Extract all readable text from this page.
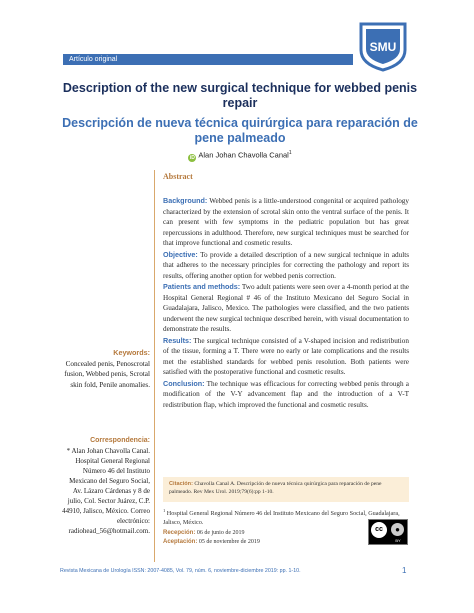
Artículo original
SMU
Description of the new surgical technique for webbed penis repair
Descripción de nueva técnica quirúrgica para reparación de pene palmeado
iD Alan Johan Chavolla Canal$^1$
Abstract

Background: Webbed penis is a little-understood congenital or acquired pathology characterized by the extension of scrotal skin onto the ventral surface of the penis. It can present with few symptoms in the pediatric population but has great repercussions in adulthood. Therefore, new surgical techniques must be searched for that improve functional and cosmetic results.

Objective: To provide a detailed description of a new surgical technique in adults that adheres to the necessary principles for correcting the pathology and report its results, offering another option for webbed penis correction.

Patients and methods: Two adult patients were seen over a 4-month period at the Hospital General Regional # 46 of the Instituto Mexicano del Seguro Social in Guadalajara, Jalisco, Mexico. The pathologies were classified, and the two patients underwent the new surgical technique described herein, with visual documentation to demonstrate the results.

Results: The surgical technique consisted of a V-shaped incision and redistribution of the tissue, forming a T. There were no early or late complications and the results met the established standards for webbed penis resolution. Both patients were satisfied with the postoperative functional and cosmetic results.

Conclusion: The technique was efficacious for correcting webbed penis through a modification of the V-Y advancement flap and the introduction of a V-T redistribution flap, which improved the functional and cosmetic results.

Keywords:
Concealed penis, Penoscrotal fusion, Webbed penis, Scrotal skin fold, Penile anomalies.
Correspondencia:
* Alan Johan Chavolla Canal. Hospital General Regional Número 46 del Instituto Mexicano del Seguro Social, Av. Lázaro Cárdenas y 8 de julio, Col. Sector Juárez, C.P. 44910, Jalisco, México. Correo electrónico: radiohead_56@hotmail.com.
Citación: Chavolla Canal A. Descripción de nueva técnica quirúrgica para reparación de pene palmeado. Rev Mex Urol. 2019;79(6):pp 1-10.
$^1$ Hospital General Regional Número 46 del Instituto Mexicano del Seguro Social, Guadalajara, Jalisco, México.
Recepción: 06 de junio de 2019
Aceptación: 05 de noviembre de 2019
cc	●
BY
Revista Mexicana de Urología ISSN: 2007-4085, Vol. 79, núm. 6, noviembre-diciembre 2019: pp. 1-10.	1
